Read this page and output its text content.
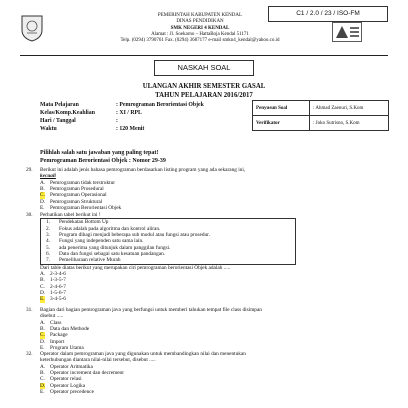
C1 / 2.0 / 23 / ISO-FM
PEMERINTAH KABUPATEN KENDAL
DINAS PENDIDIKAN
SMK NEGERI 4 KENDAL
Alamat : Jl. Soekarno – HattaBoja Kendal 51171
Telp. (0294) 3790761 Fax. (0294) 3687177 e-mail smkn4_kendal@yahoo.co.id
NASKAH SOAL
ULANGAN AKHIR SEMESTER GASAL
TAHUN PELAJARAN 2016/2017
Mata Pelajaran	: Pemrograman Berorientasi Objek
Kelas/Komp.Keahlian	: XI / RPL
Hari / Tanggal	:
Waktu	: 120 Menit
Penyusun Soal	: Ahmad Zaenuri, S.Kom
Verifikator	: Joko Sutrisno, S.Kom
Pilihlah salah satu jawaban yang paling tepat!
Pemrograman Berorientasi Objek : Nomor 29-39
29. Berikut ini adalah jenis bahasa pemrograman berdasarkan listing program yang ada sekarang ini,
kecuali
A. Pemrograman tidak terstruktur
B. Pemrograman Prosedural
C. Pemrograman Operasional
D. Pemrograman Struktural
E. Pemrograman Berorientasi Objek
30. Perhatikan tabel berikut ini !
1. Pendekatan Bottom Up
2. Fokus adalah pada algoritma dan kontrol aliran.
3. Program dibagi menjadi beberapa sub modul atau fungsi atau prosedur.
4. Fungsi yang independen satu sama lain.
5. ada penerima yang ditunjuk dalam panggilan fungsi.
6. Data dan fungsi sebagai satu kesatuan pandangan.
7. Pemeliharaan relative Murah
Dari table diatas berikut yang merupakan ciri pemrograman berorientasi Objek adalah .....
A. 2-3-4-6
B. 1-3-5-7
C. 2-4-6-7
D. 1-5-6-7
E. 3-4-5-6
31. Bagian dari bagian pemrograman java yang berfungsi untuk memberi tahukan tempat file class disimpan
disebut .....
A. Class
B. Data dan Methode
C. Package
D. Import
E. Program Utama
32. Operator dalam pemrograman java yang digunakan untuk membandingkan nilai dan menentukan
keterhubungan diantara nilai-nilai tersebut, disebut .....
A. Operator Aritmatika
B. Operator increment dan decrement
C. Operator relasi
D. Operator Logika
E. Operator precedence
